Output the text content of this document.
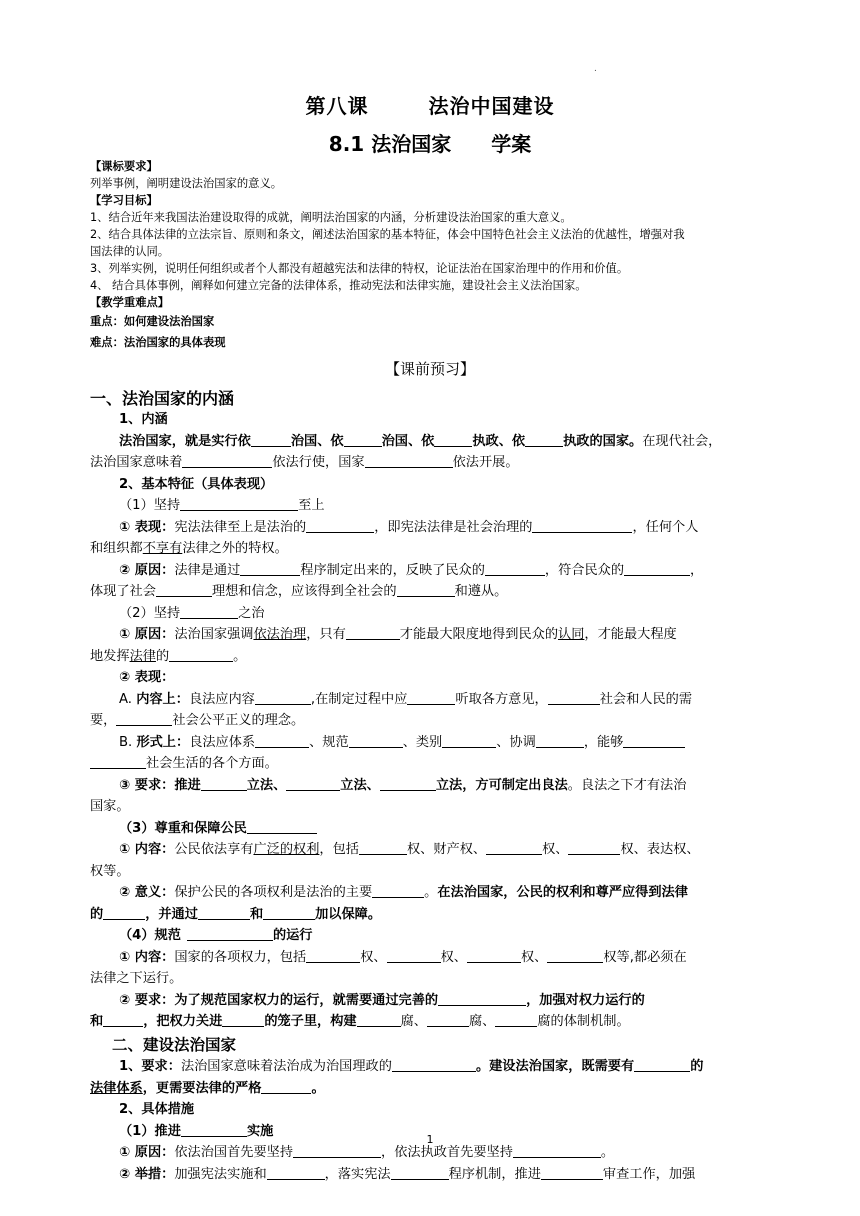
.
第八课	法治中国建设
8.1 法治国家 学案
【课标要求】
列举事例，阐明建设法治国家的意义。
【学习目标】
1、结合近年来我国法治建设取得的成就，阐明法治国家的内涵，分析建设法治国家的重大意义。
2、结合具体法律的立法宗旨、原则和条文，阐述法治国家的基本特征，体会中国特色社会主义法治的优越性，增强对我
国法律的认同。
3、列举实例，说明任何组织或者个人都没有超越宪法和法律的特权，论证法治在国家治理中的作用和价值。
4、 结合具体事例，阐释如何建立完备的法律体系，推动宪法和法律实施，建设社会主义法治国家。
【教学重难点】
重点：如何建设法治国家
难点：法治国家的具体表现
【课前预习】
一、法治国家的内涵

1、内涵

法治国家，就是实行依	治国、依	治国、依	执政、依	执政的国家。在现代社会，

法治国家意味着	依法行使，国家	依法开展。

2、基本特征（具体表现）

（1）坚持	至上

① 表现：宪法法律至上是法治的	，即宪法法律是社会治理的	，任何个人

和组织都不享有法律之外的特权。

② 原因：法律是通过	程序制定出来的，反映了民众的	，符合民众的	，

体现了社会	理想和信念，应该得到全社会的	和遵从。

（2）坚持	之治

① 原因：法治国家强调依法治理，只有	才能最大限度地得到民众的认同，才能最大程度

地发挥法律的	。

② 表现：

A. 内容上：良法应内容	,在制定过程中应	听取各方意见，	社会和人民的需

要，	社会公平正义的理念。

B. 形式上：良法应体系	、规范	、类别	、协调	，能够

社会生活的各个方面。

③ 要求：推进	立法、	立法、	立法，方可制定出良法。良法之下才有法治

国家。

（3）尊重和保障公民

① 内容：公民依法享有广泛的权利，包括	权、财产权、	权、	权、表达权、

权等。

② 意义：保护公民的各项权利是法治的主要	。在法治国家，公民的权利和尊严应得到法律

的	，并通过	和	加以保障。

（4）规范	的运行

① 内容：国家的各项权力，包括	权、	权、	权、	权等,都必须在

法律之下运行。

② 要求：为了规范国家权力的运行，就需要通过完善的	，加强对权力运行的

和	，把权力关进	的笼子里，构建	腐、	腐、	腐的体制机制。

二、建设法治国家

1、要求：法治国家意味着法治成为治国理政的	。建设法治国家，既需要有	的

法律体系，更需要法律的严格	。

2、具体措施

（1）推进	实施

① 原因：依法治国首先要坚持	，依法执政首先要坚持	。

② 举措：加强宪法实施和	，落实宪法	程序机制，推进	审查工作，加强

1
